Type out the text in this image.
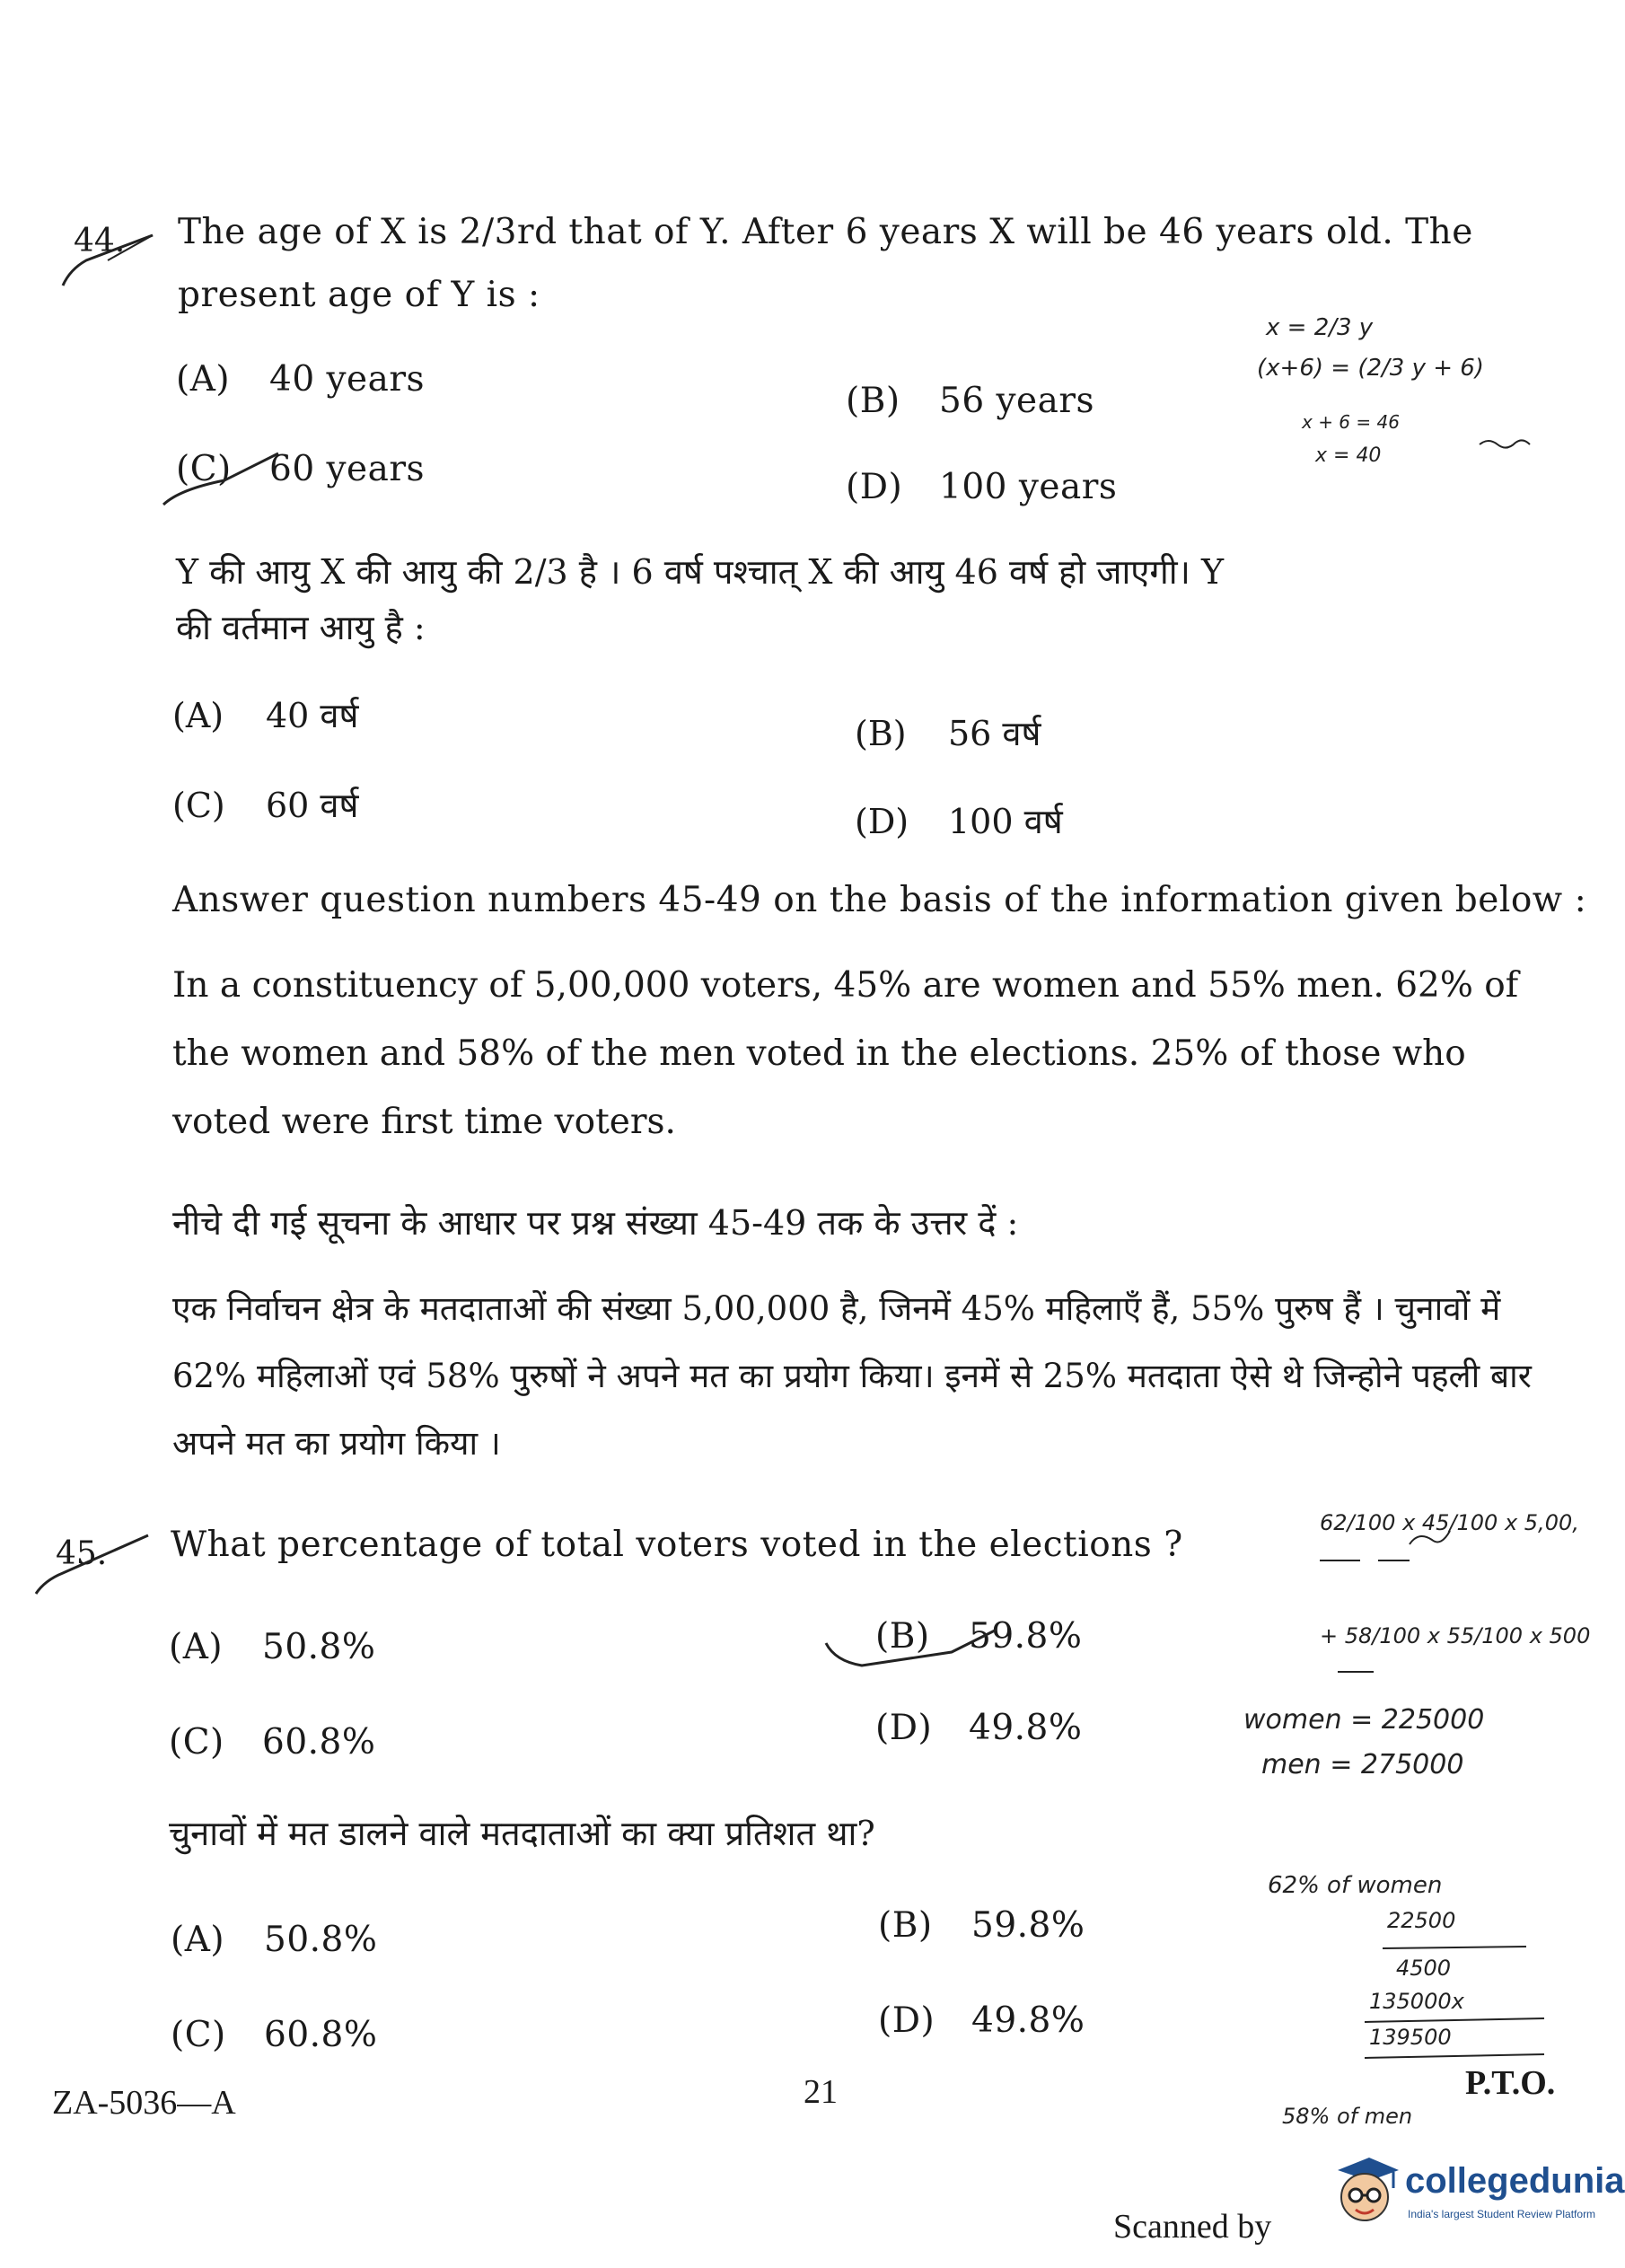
44. The age of X is 2/3rd that of Y. After 6 years X will be 46 years old. The
present age of Y is :
(A) 40 years
(B) 56 years
(C) 60 years	(D) 100 years
Y की आयु X की आयु की 2/3 है । 6 वर्ष पश्चात् X की आयु 46 वर्ष हो जाएगी। Y
की वर्तमान आयु है :
(A) 40 वर्ष	(B) 56 वर्ष
(C) 60 वर्ष	(D) 100 वर्ष
x = 2/3 y
(x+6) = (2/3 y + 6)
x + 6 = 46
x = 40
Answer question numbers 45-49 on the basis of the information given below :
In a constituency of 5,00,000 voters, 45% are women and 55% men. 62% of the women and 58% of the men voted in the elections. 25% of those who voted were first time voters.
नीचे दी गई सूचना के आधार पर प्रश्न संख्या 45-49 तक के उत्तर दें :
एक निर्वाचन क्षेत्र के मतदाताओं की संख्या 5,00,000 है, जिनमें 45% महिलाएँ हैं, 55% पुरुष हैं । चुनावों में 62% महिलाओं एवं 58% पुरुषों ने अपने मत का प्रयोग किया। इनमें से 25% मतदाता ऐसे थे जिन्होने पहली बार अपने मत का प्रयोग किया ।
45. What percentage of total voters voted in the elections ?
(A) 50.8%	(B) 59.8%
(C) 60.8%	(D) 49.8%
चुनावों में मत डालने वाले मतदाताओं का क्या प्रतिशत था?
(A) 50.8%	(B) 59.8%
(C) 60.8%	(D) 49.8%
62/100 x 45/100 x 5,00,
+ 58/100 x 55/100 x 500
women = 225000
men = 275000
62% of women
22500
4500
135000x
139500
58% of men
ZA-5036—A	21	P.T.O.
Scanned by
collegedunia
India's largest Student Review Platform
